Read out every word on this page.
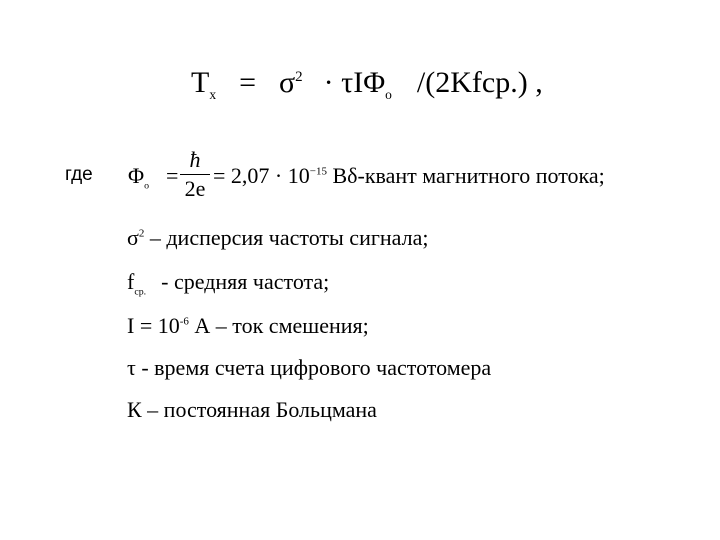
$T_x = \sigma^2 \cdot \tau I\Phi_o$ /(2Kfcp.) ,
где $\Phi_o$ =
ħ
2e
= $2,07 \cdot 10^{-15}$ Вδ-квант магнитного потока;
$\sigma^2$ – дисперсия частоты сигнала;
$f_{ср.}$ - средняя частота;
$I = 10^{-6}$ А – ток смешения;
τ - время счета цифрового частотомера
К – постоянная Больцмана
